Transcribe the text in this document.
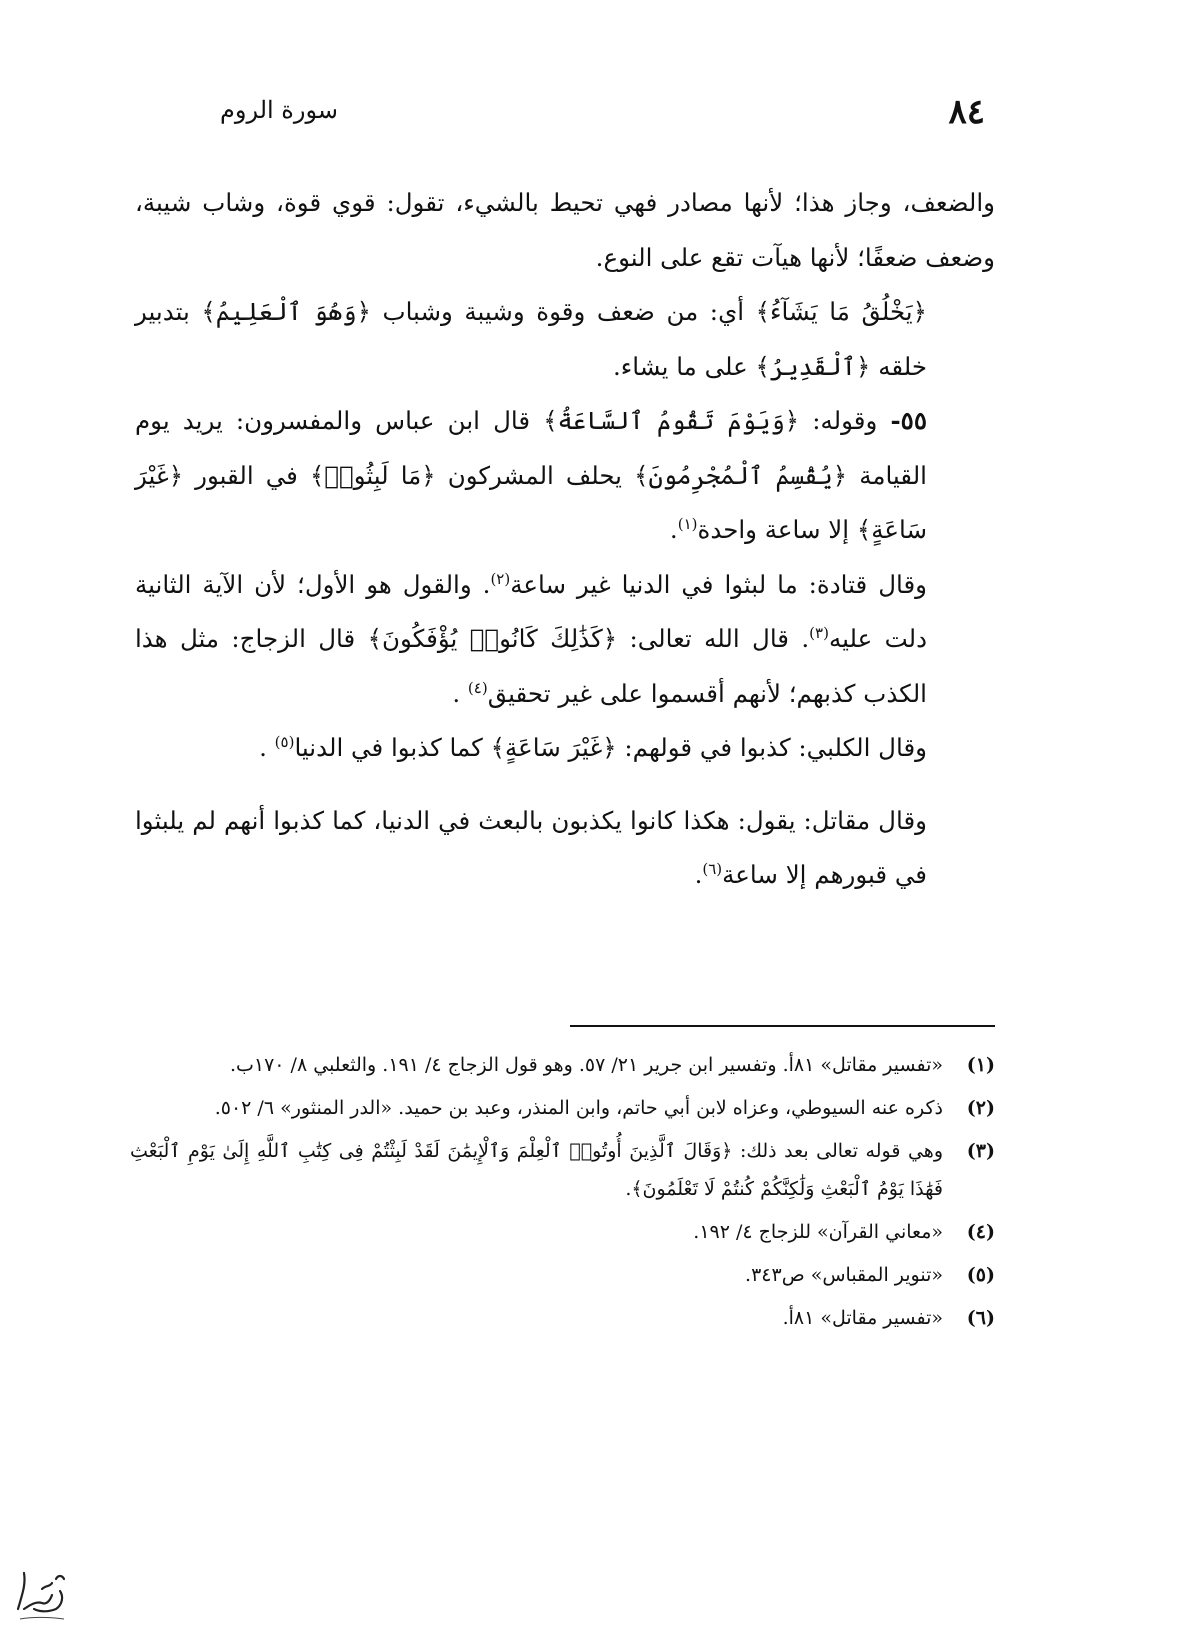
٨٤
سورة الروم

والضعف، وجاز هذا؛ لأنها مصادر فهي تحيط بالشيء، تقول: قوي قوة، وشاب شيبة، وضعف ضعفًا؛ لأنها هيآت تقع على النوع.

﴿يَخْلُقُ مَا يَشَآءُ﴾ أي: من ضعف وقوة وشيبة وشباب ﴿وَهُوَ ٱلْعَلِيمُ﴾ بتدبير خلقه ﴿ٱلْقَدِيرُ﴾ على ما يشاء.

٥٥- وقوله: ﴿وَيَوْمَ تَقُومُ ٱلسَّاعَةُ﴾ قال ابن عباس والمفسرون: يريد يوم القيامة ﴿يُقْسِمُ ٱلْمُجْرِمُونَ﴾ يحلف المشركون ﴿مَا لَبِثُوا۟﴾ في القبور ﴿غَيْرَ سَاعَةٍ﴾ إلا ساعة واحدة$^{(١)}$.

وقال قتادة: ما لبثوا في الدنيا غير ساعة$^{(٢)}$. والقول هو الأول؛ لأن الآية الثانية دلت عليه$^{(٣)}$. قال الله تعالى: ﴿كَذَٰلِكَ كَانُوا۟ يُؤْفَكُونَ﴾ قال الزجاج: مثل هذا الكذب كذبهم؛ لأنهم أقسموا على غير تحقيق$^{(٤)}$ .

وقال الكلبي: كذبوا في قولهم: ﴿غَيْرَ سَاعَةٍ﴾ كما كذبوا في الدنيا$^{(٥)}$ .

وقال مقاتل: يقول: هكذا كانوا يكذبون بالبعث في الدنيا، كما كذبوا أنهم لم يلبثوا في قبورهم إلا ساعة$^{(٦)}$.

(١)
«تفسير مقاتل» ٨١أ. وتفسير ابن جرير ٢١/ ٥٧. وهو قول الزجاج ٤/ ١٩١. والثعلبي ٨/ ١٧٠ب.
(٢)
ذكره عنه السيوطي، وعزاه لابن أبي حاتم، وابن المنذر، وعبد بن حميد. «الدر المنثور» ٦/ ٥٠٢.
(٣)
وهي قوله تعالى بعد ذلك: ﴿وَقَالَ ٱلَّذِينَ أُوتُوا۟ ٱلْعِلْمَ وَٱلْإِيمَٰنَ لَقَدْ لَبِثْتُمْ فِى كِتَٰبِ ٱللَّهِ إِلَىٰ يَوْمِ ٱلْبَعْثِ فَهَٰذَا يَوْمُ ٱلْبَعْثِ وَلَٰكِنَّكُمْ كُنتُمْ لَا تَعْلَمُونَ﴾.
(٤)
«معاني القرآن» للزجاج ٤/ ١٩٢.
(٥)
«تنوير المقباس» ص٣٤٣.
(٦)
«تفسير مقاتل» ٨١أ.
